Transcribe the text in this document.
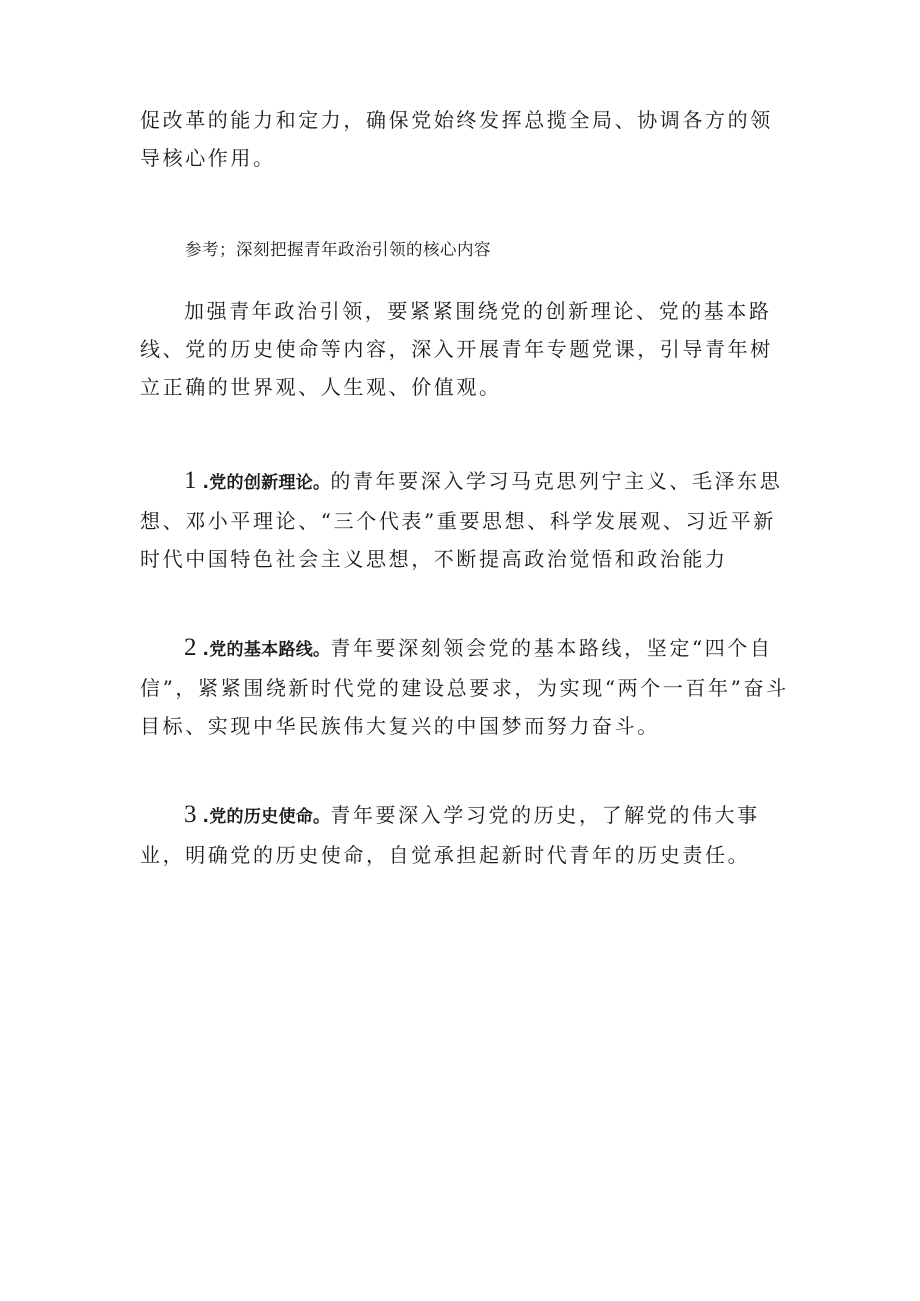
促改革的能力和定力，确保党始终发挥总揽全局、协调各方的领导核心作用。

参考；深刻把握青年政治引领的核心内容

加强青年政治引领，要紧紧围绕党的创新理论、党的基本路线、党的历史使命等内容，深入开展青年专题党课，引导青年树立正确的世界观、人生观、价值观。

1 .党的创新理论。的青年要深入学习马克思列宁主义、毛泽东思想、邓小平理论、“三个代表”重要思想、科学发展观、习近平新时代中国特色社会主义思想，不断提高政治觉悟和政治能力

2 .党的基本路线。青年要深刻领会党的基本路线，坚定“四个自信”，紧紧围绕新时代党的建设总要求，为实现“两个一百年”奋斗目标、实现中华民族伟大复兴的中国梦而努力奋斗。

3 .党的历史使命。青年要深入学习党的历史，了解党的伟大事业，明确党的历史使命，自觉承担起新时代青年的历史责任。
